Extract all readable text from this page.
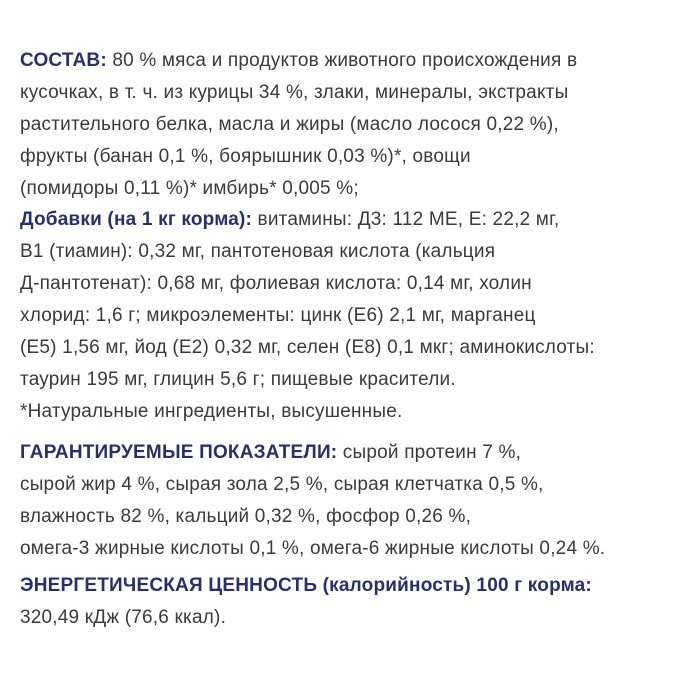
СОСТАВ: 80 % мяса и продуктов животного происхождения в
кусочках, в т. ч. из курицы 34 %, злаки, минералы, экстракты
растительного белка, масла и жиры (масло лосося 0,22 %),
фрукты (банан 0,1 %, боярышник 0,03 %)*, овощи
(помидоры 0,11 %)* имбирь* 0,005 %;
Добавки (на 1 кг корма): витамины: Д3: 112 МЕ, Е: 22,2 мг,
В1 (тиамин): 0,32 мг, пантотеновая кислота (кальция
Д-пантотенат): 0,68 мг, фолиевая кислота: 0,14 мг, холин
хлорид: 1,6 г; микроэлементы: цинк (Е6) 2,1 мг, марганец
(Е5) 1,56 мг, йод (Е2) 0,32 мг, селен (Е8) 0,1 мкг; аминокислоты:
таурин 195 мг, глицин 5,6 г; пищевые красители.
*Натуральные ингредиенты, высушенные.
ГАРАНТИРУЕМЫЕ ПОКАЗАТЕЛИ: сырой протеин 7 %,
сырой жир 4 %, сырая зола 2,5 %, сырая клетчатка 0,5 %,
влажность 82 %, кальций 0,32 %, фосфор 0,26 %,
омега-3 жирные кислоты 0,1 %, омега-6 жирные кислоты 0,24 %.
ЭНЕРГЕТИЧЕСКАЯ ЦЕННОСТЬ (калорийность) 100 г корма:
320,49 кДж (76,6 ккал).
